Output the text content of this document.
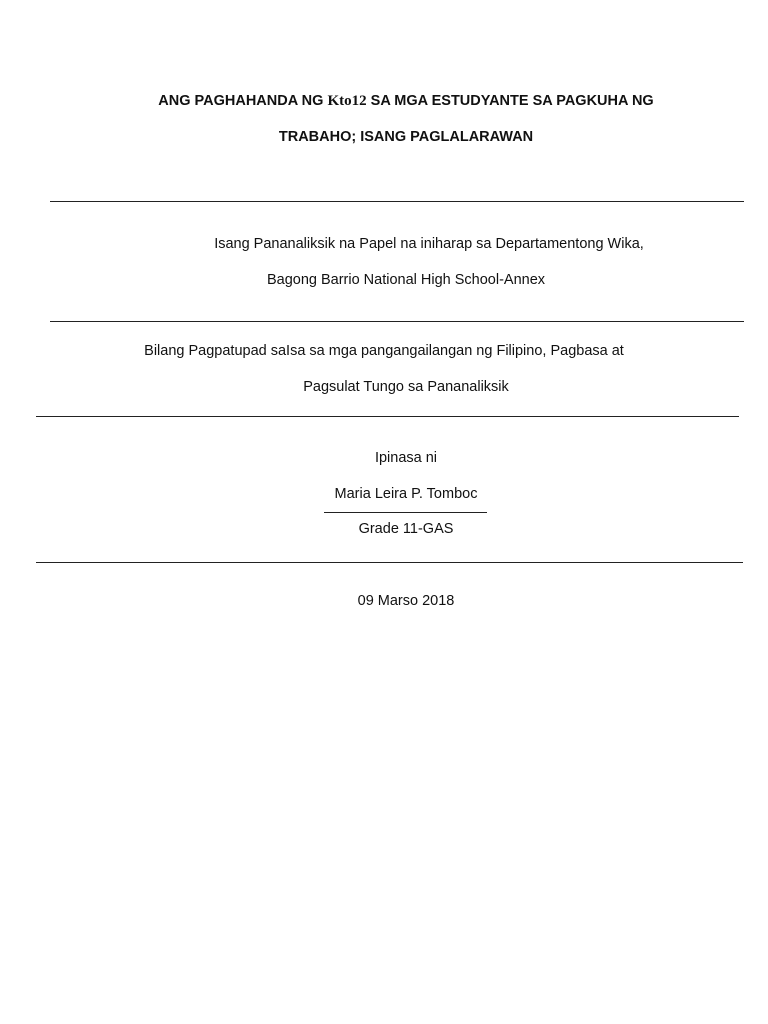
ANG PAGHAHANDA NG Kto12 SA MGA ESTUDYANTE SA PAGKUHA NG
TRABAHO; ISANG PAGLALARAWAN
Isang Pananaliksik na Papel na iniharap sa Departamentong Wika,
Bagong Barrio National High School-Annex
Bilang Pagpatupad saIsa sa mga pangangailangan ng Filipino, Pagbasa at
Pagsulat Tungo sa Pananaliksik
Ipinasa ni
Maria Leira P. Tomboc
Grade 11-GAS
09 Marso 2018
